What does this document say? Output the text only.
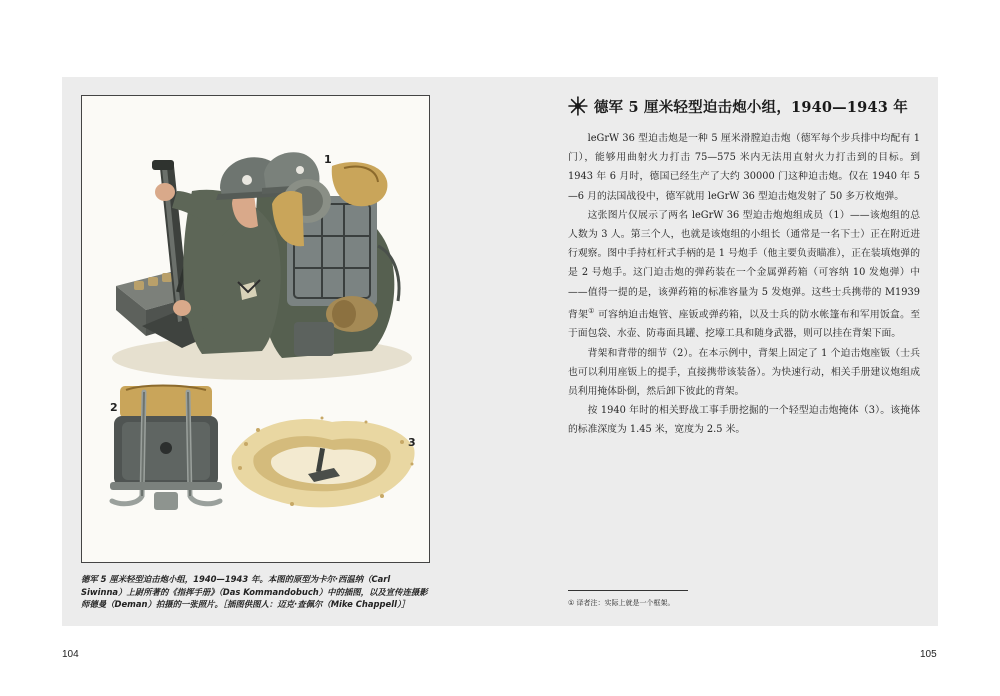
1
2
3

德军 5 厘米轻型迫击炮小组，1940—1943 年。本图的原型为卡尔·西温纳（Carl Siwinna）上尉所著的《指挥手册》（Das Kommandobuch）中的插图，以及宣传连摄影师德曼（Deman）拍摄的一张照片。［插图供图人：迈克·查佩尔（Mike Chappell）］

德军 5 厘米轻型迫击炮小组，1940—1943 年

leGrW 36 型迫击炮是一种 5 厘米滑膛迫击炮（德军每个步兵排中均配有 1 门），能够用曲射火力打击 75—575 米内无法用直射火力打击到的目标。到 1943 年 6 月时，德国已经生产了大约 30000 门这种迫击炮。仅在 1940 年 5—6 月的法国战役中，德军就用 leGrW 36 型迫击炮发射了 50 多万枚炮弹。

这张图片仅展示了两名 leGrW 36 型迫击炮炮组成员（1）——该炮组的总人数为 3 人。第三个人，也就是该炮组的小组长（通常是一名下士）正在附近进行观察。图中手持杠杆式手柄的是 1 号炮手（他主要负责瞄准），正在装填炮弹的是 2 号炮手。这门迫击炮的弹药装在一个金属弹药箱（可容纳 10 发炮弹）中——值得一提的是，该弹药箱的标准容量为 5 发炮弹。这些士兵携带的 M1939 背架① 可容纳迫击炮管、座钣或弹药箱，以及士兵的防水帐篷布和军用饭盒。至于面包袋、水壶、防毒面具罐、挖壕工具和随身武器，则可以挂在背架下面。

背架和背带的细节（2）。在本示例中，背架上固定了 1 个迫击炮座钣（士兵也可以利用座钣上的提手，直接携带该装备）。为快速行动，相关手册建议炮组成员利用掩体卧倒，然后卸下彼此的背架。

按 1940 年时的相关野战工事手册挖掘的一个轻型迫击炮掩体（3）。该掩体的标准深度为 1.45 米，宽度为 2.5 米。

① 译者注：实际上就是一个框架。

104	105
